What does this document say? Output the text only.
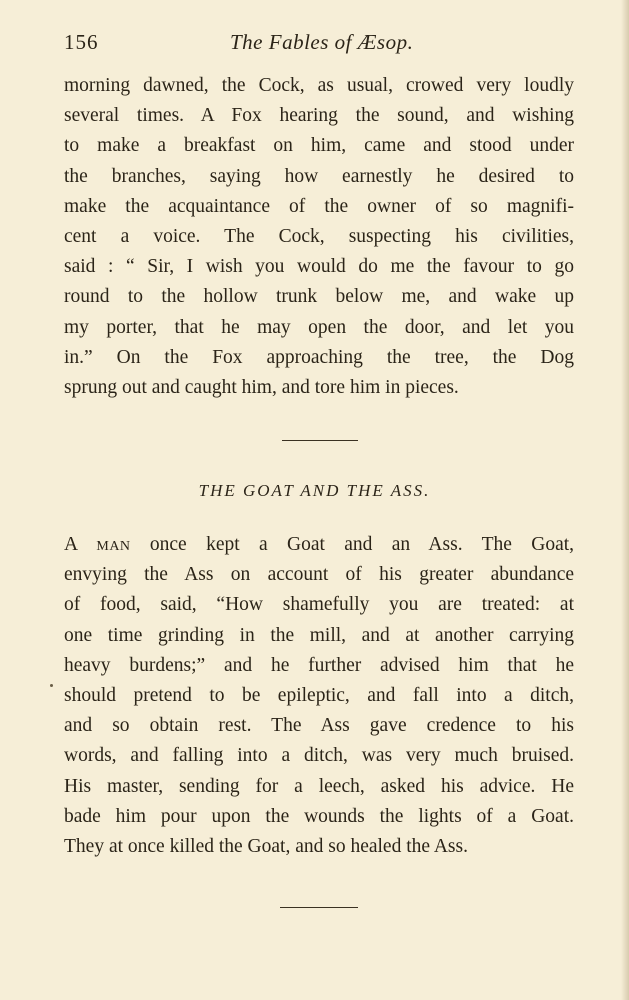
156	The Fables of Æsop.
morning dawned, the Cock, as usual, crowed very loudly
several times. A Fox hearing the sound, and wishing
to make a breakfast on him, came and stood under
the branches, saying how earnestly he desired to
make the acquaintance of the owner of so magnifi-
cent a voice. The Cock, suspecting his civilities,
said : “ Sir, I wish you would do me the favour to go
round to the hollow trunk below me, and wake up
my porter, that he may open the door, and let you
in.” On the Fox approaching the tree, the Dog
sprung out and caught him, and tore him in pieces.
THE GOAT AND THE ASS.
A man once kept a Goat and an Ass. The Goat,
envying the Ass on account of his greater abundance
of food, said, “How shamefully you are treated: at
one time grinding in the mill, and at another carrying
heavy burdens;” and he further advised him that he
should pretend to be epileptic, and fall into a ditch,
and so obtain rest. The Ass gave credence to his
words, and falling into a ditch, was very much bruised.
His master, sending for a leech, asked his advice. He
bade him pour upon the wounds the lights of a Goat.
They at once killed the Goat, and so healed the Ass.
